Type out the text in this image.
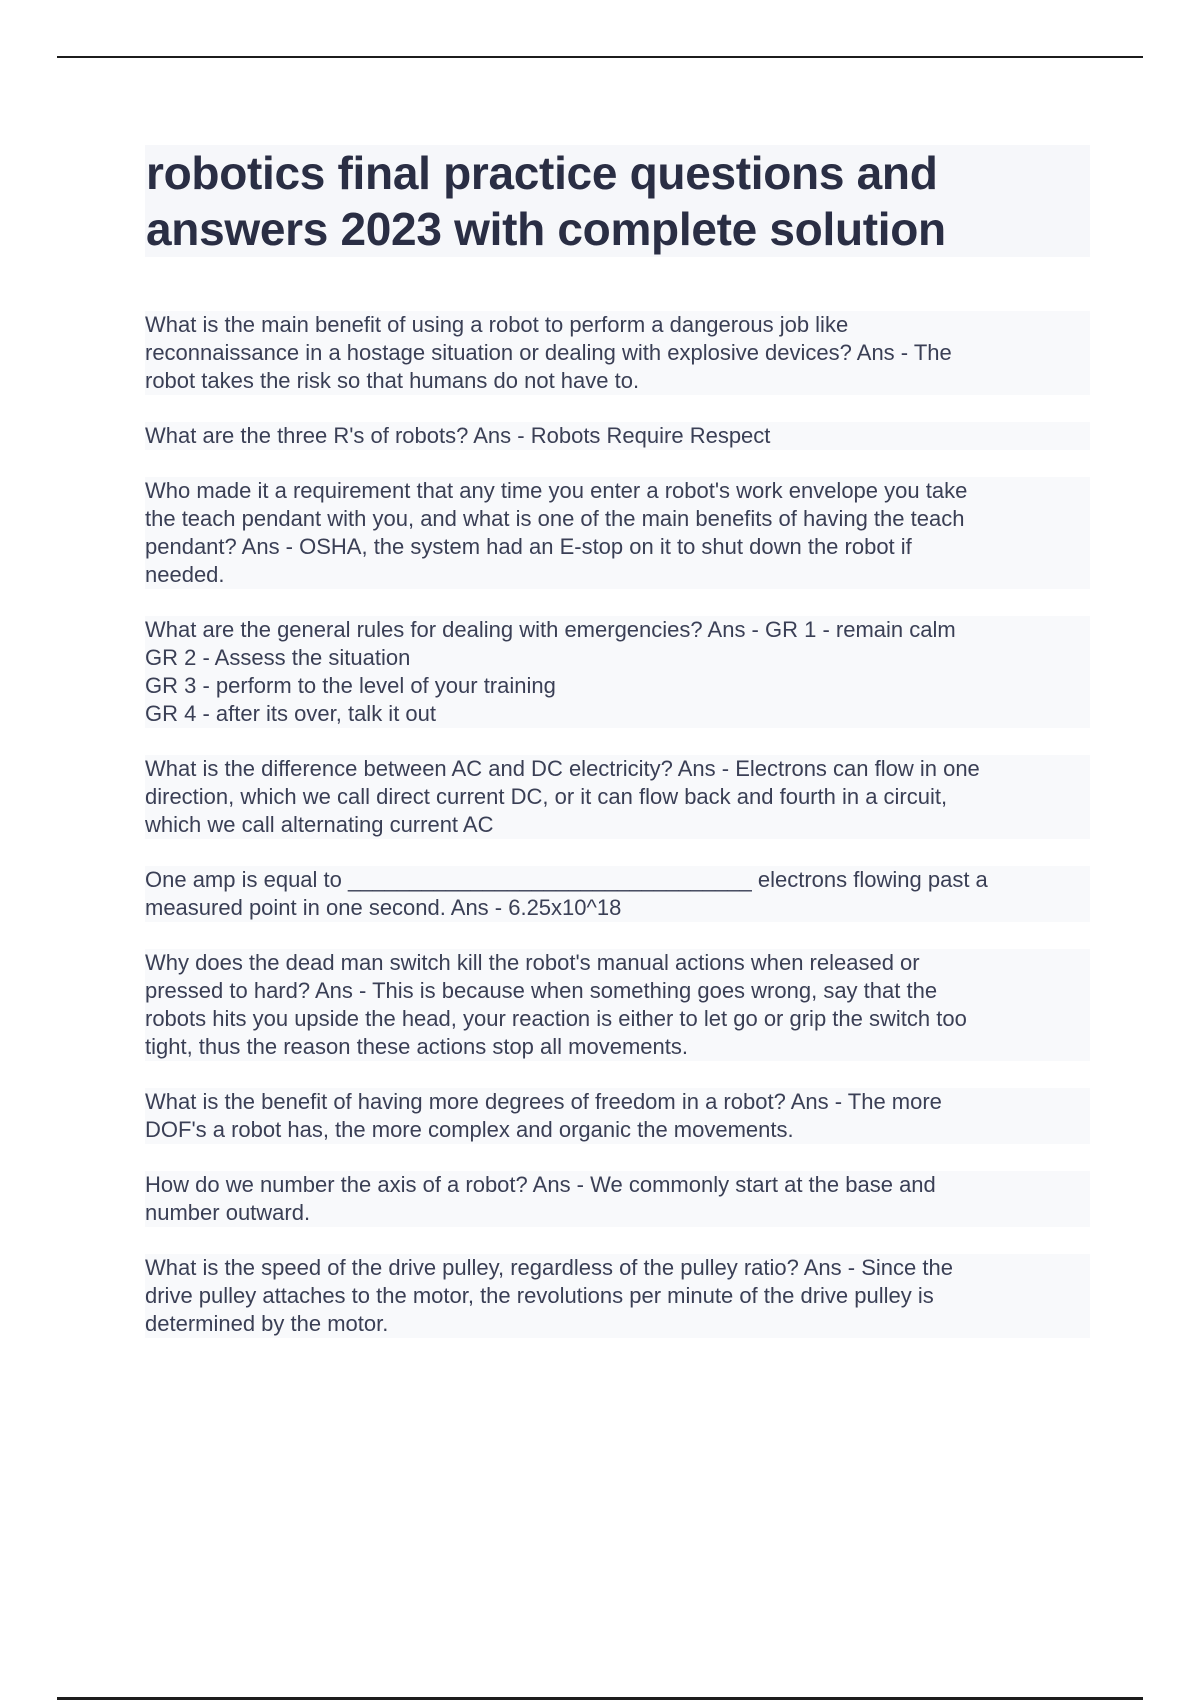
robotics final practice questions and answers 2023 with complete solution

What is the main benefit of using a robot to perform a dangerous job like
reconnaissance in a hostage situation or dealing with explosive devices? Ans - The
robot takes the risk so that humans do not have to.

What are the three R's of robots? Ans - Robots Require Respect

Who made it a requirement that any time you enter a robot's work envelope you take
the teach pendant with you, and what is one of the main benefits of having the teach
pendant? Ans - OSHA, the system had an E-stop on it to shut down the robot if
needed.

What are the general rules for dealing with emergencies? Ans - GR 1 - remain calm
GR 2 - Assess the situation
GR 3 - perform to the level of your training
GR 4 - after its over, talk it out

What is the difference between AC and DC electricity? Ans - Electrons can flow in one
direction, which we call direct current DC, or it can flow back and fourth in a circuit,
which we call alternating current AC

One amp is equal to _________________________________ electrons flowing past a
measured point in one second. Ans - 6.25x10^18

Why does the dead man switch kill the robot's manual actions when released or
pressed to hard? Ans - This is because when something goes wrong, say that the
robots hits you upside the head, your reaction is either to let go or grip the switch too
tight, thus the reason these actions stop all movements.

What is the benefit of having more degrees of freedom in a robot? Ans - The more
DOF's a robot has, the more complex and organic the movements.

How do we number the axis of a robot? Ans - We commonly start at the base and
number outward.

What is the speed of the drive pulley, regardless of the pulley ratio? Ans - Since the
drive pulley attaches to the motor, the revolutions per minute of the drive pulley is
determined by the motor.
